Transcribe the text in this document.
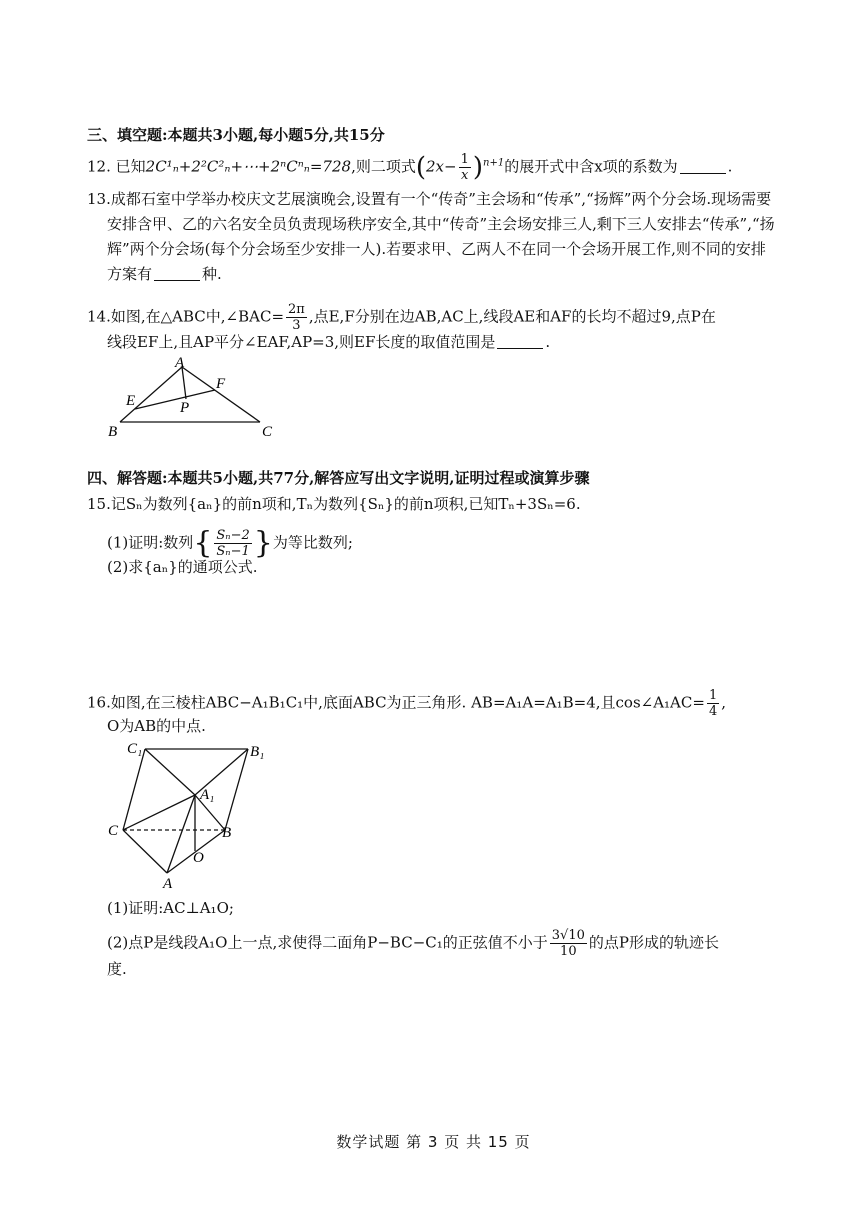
三、填空题:本题共3小题,每小题5分,共15分
12. 已知2C¹ₙ+2²C²ₙ+⋯+2ⁿCⁿₙ=728,则二项式$(2x- \frac{1}{x} )^{n+1}$的展开式中含x项的系数为	.
13.成都石室中学举办校庆文艺展演晚会,设置有一个“传奇”主会场和“传承”,“扬辉”两个分会场.现场需要
安排含甲、乙的六名安全员负责现场秩序安全,其中“传奇”主会场安排三人,剩下三人安排去“传承”,“扬
辉”两个分会场(每个分会场至少安排一人).若要求甲、乙两人不在同一个会场开展工作,则不同的安排
方案有	种.
14.如图,在△ABC中,∠BAC= $\frac{2\pi}{3}$ ,点E,F分别在边AB,AC上,线段AE和AF的长均不超过9,点P在
线段EF上,且AP平分∠EAF,AP=3,则EF长度的取值范围是	.
A
F
E	P
B	C
四、解答题:本题共5小题,共77分,解答应写出文字说明,证明过程或演算步骤
15.记Sₙ为数列{aₙ}的前n项和,Tₙ为数列{Sₙ}的前n项积,已知Tₙ+3Sₙ=6.
(1)证明:数列{ $\frac{\text{Sₙ−2}}{\text{Sₙ−1}}$ }为等比数列;
(2)求{aₙ}的通项公式.
16.如图,在三棱柱ABC−A₁B₁C₁中,底面ABC为正三角形. AB=A₁A=A₁B=4,且cos∠A₁AC= $\frac{1}{4}$ ,
O为AB的中点.
C₁	B₁
A₁
C	B
O
A
(1)证明:AC⊥A₁O;
(2)点P是线段A₁O上一点,求使得二面角P−BC−C₁的正弦值不小于 $\frac{3√10}{10}$ 的点P形成的轨迹长
度.
数学试题 第 3 页 共 15 页
